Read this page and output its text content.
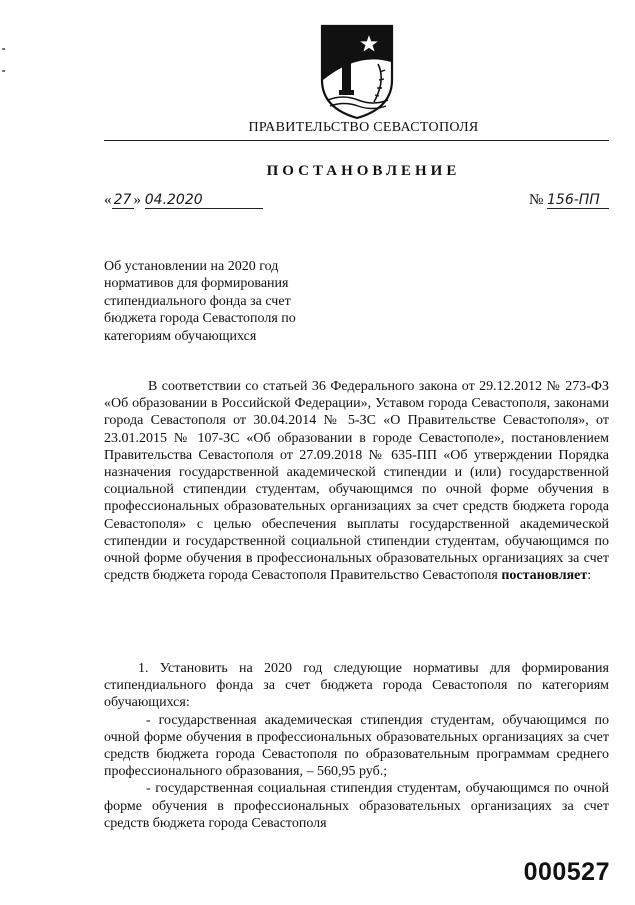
ПРАВИТЕЛЬСТВО СЕВАСТОПОЛЯ
ПОСТАНОВЛЕНИЕ
« 27 » 04.2020	№ 156-ПП
Об установлении на 2020 год нормативов для формирования стипендиального фонда за счет бюджета города Севастополя по категориям обучающихся

В соответствии со статьей 36 Федерального закона от 29.12.2012 № 273-ФЗ «Об образовании в Российской Федерации», Уставом города Севастополя, законами города Севастополя от 30.04.2014 № 5-ЗС «О Правительстве Севастополя», от 23.01.2015 № 107-ЗС «Об образовании в городе Севастополе», постановлением Правительства Севастополя от 27.09.2018 № 635-ПП «Об утверждении Порядка назначения государственной академической стипендии и (или) государственной социальной стипендии студентам, обучающимся по очной форме обучения в профессиональных образовательных организациях за счет средств бюджета города Севастополя» с целью обеспечения выплаты государственной академической стипендии и государственной социальной стипендии студентам, обучающимся по очной форме обучения в профессиональных образовательных организациях за счет средств бюджета города Севастополя Правительство Севастополя постановляет:

1. Установить на 2020 год следующие нормативы для формирования стипендиального фонда за счет бюджета города Севастополя по категориям обучающихся:

- государственная академическая стипендия студентам, обучающимся по очной форме обучения в профессиональных образовательных организациях за счет средств бюджета города Севастополя по образовательным программам среднего профессионального образования, – 560,95 руб.;

- государственная социальная стипендия студентам, обучающимся по очной форме обучения в профессиональных образовательных организациях за счет средств бюджета города Севастополя

000527
